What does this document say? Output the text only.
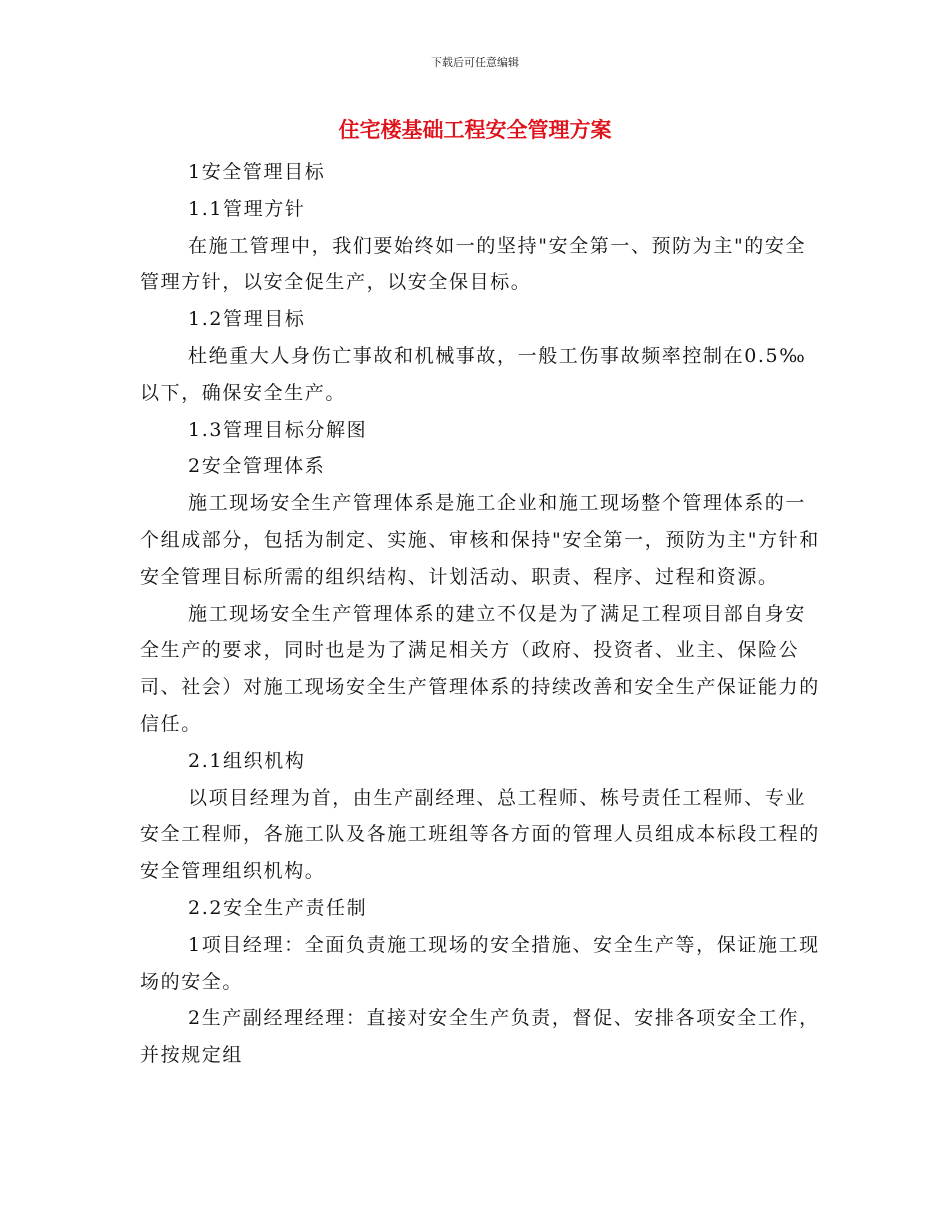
下载后可任意编辑
住宅楼基础工程安全管理方案

1安全管理目标

1.1管理方针

在施工管理中，我们要始终如一的坚持"安全第一、预防为主"的安全管理方针，以安全促生产，以安全保目标。

1.2管理目标

杜绝重大人身伤亡事故和机械事故，一般工伤事故频率控制在0.5‰以下，确保安全生产。

1.3管理目标分解图

2安全管理体系

施工现场安全生产管理体系是施工企业和施工现场整个管理体系的一个组成部分，包括为制定、实施、审核和保持"安全第一，预防为主"方针和安全管理目标所需的组织结构、计划活动、职责、程序、过程和资源。

施工现场安全生产管理体系的建立不仅是为了满足工程项目部自身安全生产的要求，同时也是为了满足相关方（政府、投资者、业主、保险公司、社会）对施工现场安全生产管理体系的持续改善和安全生产保证能力的信任。

2.1组织机构

以项目经理为首，由生产副经理、总工程师、栋号责任工程师、专业安全工程师，各施工队及各施工班组等各方面的管理人员组成本标段工程的安全管理组织机构。

2.2安全生产责任制

1项目经理：全面负责施工现场的安全措施、安全生产等，保证施工现场的安全。

2生产副经理经理：直接对安全生产负责，督促、安排各项安全工作，并按规定组
